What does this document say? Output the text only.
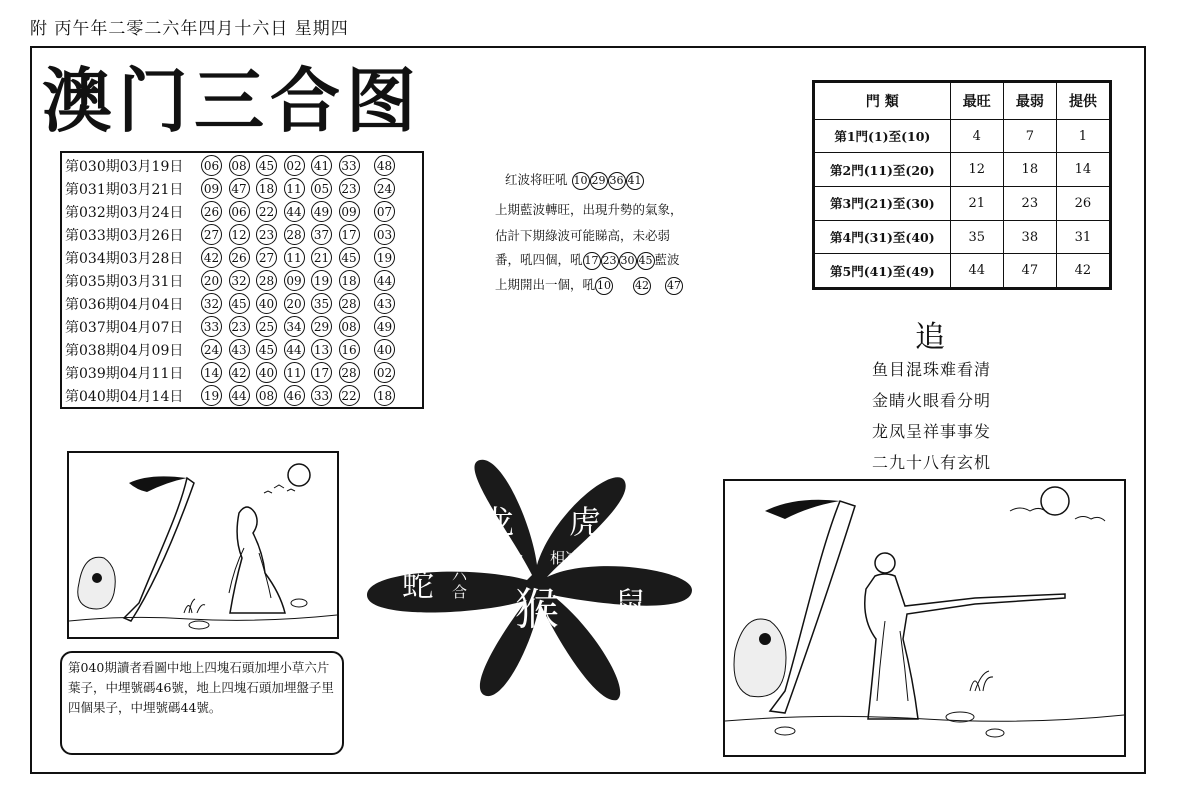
附 丙午年二零二六年四月十六日 星期四
澳门三合图
第030期03月19日	06 08 45 02 41 33 48
第031期03月21日	09 47 18 11 05 23 24
第032期03月24日	26 06 22 44 49 09 07
第033期03月26日	27 12 23 28 37 17 03
第034期03月28日	42 26 27 11 21 45 19
第035期03月31日	20 32 28 09 19 18 44
第036期04月04日	32 45 40 20 35 28 43
第037期04月07日	33 23 25 34 29 08 49
第038期04月09日	24 43 45 44 13 16 40
第039期04月11日	14 42 40 11 17 28 02
第040期04月14日	19 44 08 46 33 22 18
红波将旺吼 10 29 36 41
上期藍波轉旺，出現升勢的氣象，
估計下期綠波可能睇高，未必弱
番，吼四個，吼 17 23 30 45 藍波
上期開出一個，吼 10 42 47
門 類	最旺	最弱	提供
第1門(1)至(10)	4	7	1
第2門(11)至(20)	12	18	14
第3門(21)至(30)	21	23	26
第4門(31)至(40)	35	38	31
第5門(41)至(49)	44	47	42
追
鱼目混珠难看清
金睛火眼看分明
龙凤呈祥事事发
二九十八有玄机
第040期讀者看圖中地上四塊石頭加埋小草六片葉子，中埋號碼46號，地上四塊石頭加埋盤子里四個果子，中埋號碼44號。
龙 虎
三合 相冲
蛇 六
合 猴 鼠
